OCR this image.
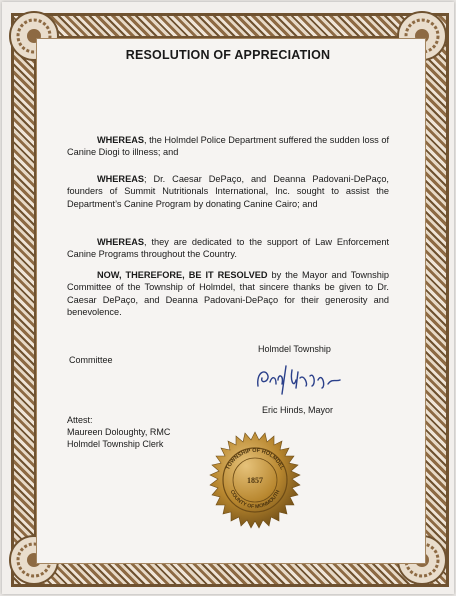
RESOLUTION OF APPRECIATION

WHEREAS, the Holmdel Police Department suffered the sudden loss of Canine Diogi to illness; and

WHEREAS; Dr. Caesar DePaço, and Deanna Padovani-DePaço, founders of Summit Nutritionals International, Inc. sought to assist the Department’s Canine Program by donating Canine Cairo; and

WHEREAS, they are dedicated to the support of Law Enforcement Canine Programs throughout the Country.

NOW, THEREFORE, BE IT RESOLVED by the Mayor and Township Committee of the Township of Holmdel, that sincere thanks be given to Dr. Caesar DePaço, and Deanna Padovani-DePaço for their generosity and benevolence.

Holmdel Township

Committee

Eric Hinds, Mayor

Attest:

Maureen Doloughty, RMC

Holmdel Township Clerk

TOWNSHIP OF HOLMDEL
COUNTY OF MONMOUTH
1857
